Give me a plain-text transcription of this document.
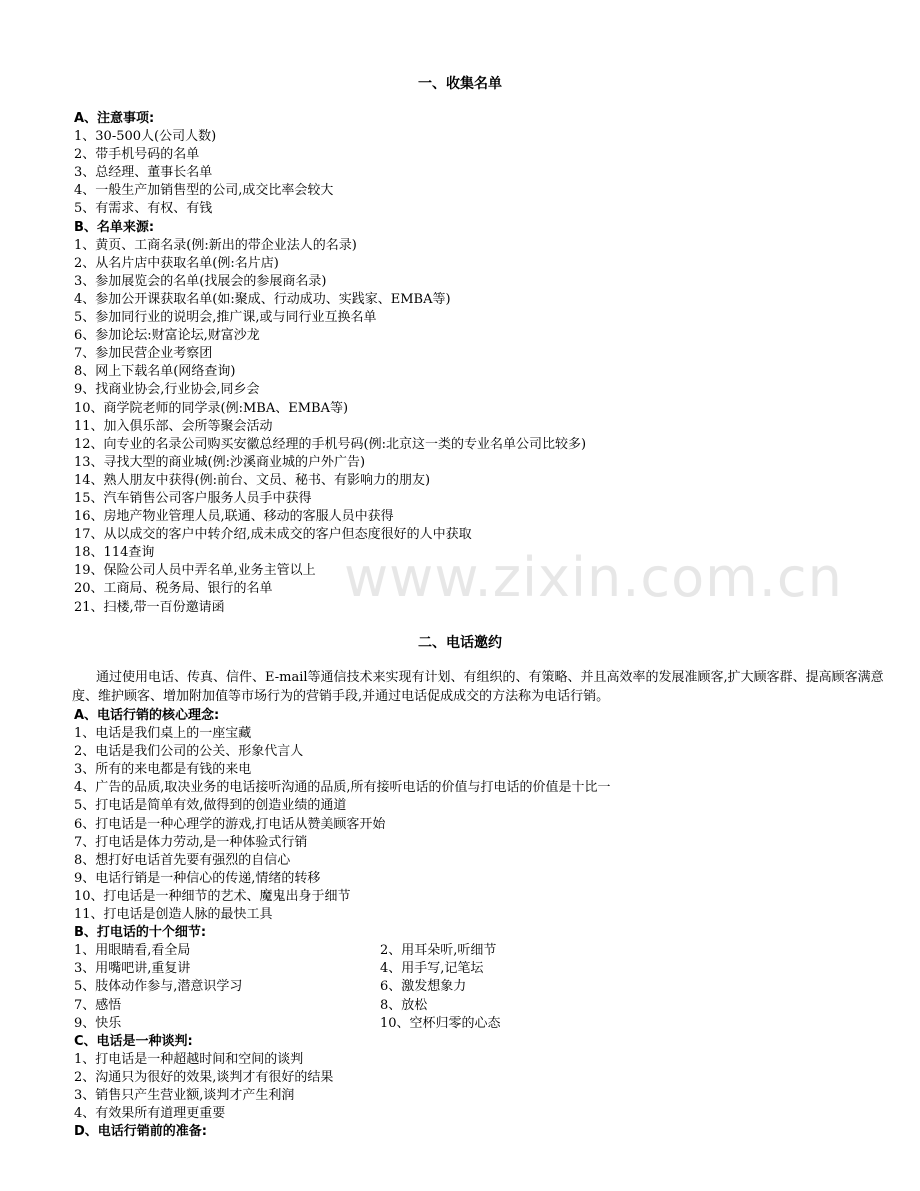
www.zixin.com.cn
一、收集名单
A、注意事项:
1、30-500人(公司人数)
2、带手机号码的名单
3、总经理、董事长名单
4、一般生产加销售型的公司,成交比率会较大
5、有需求、有权、有钱
B、名单来源:
1、黄页、工商名录(例:新出的带企业法人的名录)
2、从名片店中获取名单(例:名片店)
3、参加展览会的名单(找展会的参展商名录)
4、参加公开课获取名单(如:聚成、行动成功、实践家、EMBA等)
5、参加同行业的说明会,推广课,或与同行业互换名单
6、参加论坛:财富论坛,财富沙龙
7、参加民营企业考察团
8、网上下载名单(网络查询)
9、找商业协会,行业协会,同乡会
10、商学院老师的同学录(例:MBA、EMBA等)
11、加入俱乐部、会所等聚会活动
12、向专业的名录公司购买安徽总经理的手机号码(例:北京这一类的专业名单公司比较多)
13、寻找大型的商业城(例:沙溪商业城的户外广告)
14、熟人朋友中获得(例:前台、文员、秘书、有影响力的朋友)
15、汽车销售公司客户服务人员手中获得
16、房地产物业管理人员,联通、移动的客服人员中获得
17、从以成交的客户中转介绍,成未成交的客户但态度很好的人中获取
18、114查询
19、保险公司人员中弄名单,业务主管以上
20、工商局、税务局、银行的名单
21、扫楼,带一百份邀请函
二、电话邀约
通过使用电话、传真、信件、E-mail等通信技术来实现有计划、有组织的、有策略、并且高效率的发展准顾客,扩大顾客群、提高顾客满意度、维护顾客、增加附加值等市场行为的营销手段,并通过电话促成成交的方法称为电话行销。
A、电话行销的核心理念:
1、电话是我们桌上的一座宝藏
2、电话是我们公司的公关、形象代言人
3、所有的来电都是有钱的来电
4、广告的品质,取决业务的电话接听沟通的品质,所有接听电话的价值与打电话的价值是十比一
5、打电话是简单有效,做得到的创造业绩的通道
6、打电话是一种心理学的游戏,打电话从赞美顾客开始
7、打电话是体力劳动,是一种体验式行销
8、想打好电话首先要有强烈的自信心
9、电话行销是一种信心的传递,情绪的转移
10、打电话是一种细节的艺术、魔鬼出身于细节
11、打电话是创造人脉的最快工具
B、打电话的十个细节:
1、用眼睛看,看全局	2、用耳朵听,听细节
3、用嘴吧讲,重复讲	4、用手写,记笔坛
5、肢体动作参与,潜意识学习	6、激发想象力
7、感悟	8、放松
9、快乐	10、空杯归零的心态
C、电话是一种谈判:
1、打电话是一种超越时间和空间的谈判
2、沟通只为很好的效果,谈判才有很好的结果
3、销售只产生营业额,谈判才产生利润
4、有效果所有道理更重要
D、电话行销前的准备:
